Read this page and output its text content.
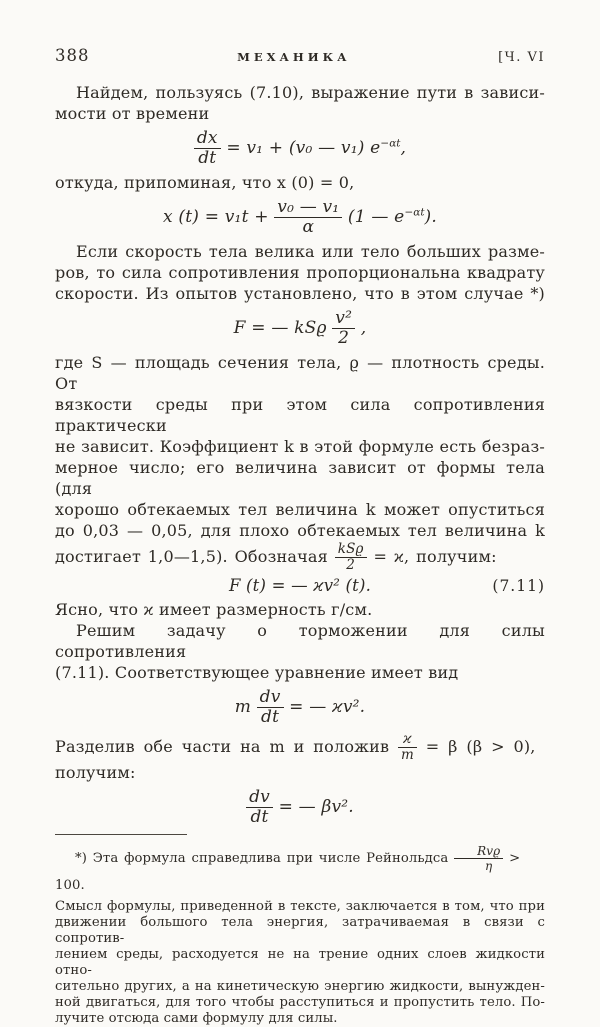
388	МЕХАНИКА	[Ч. VI
Найдем, пользуясь (7.10), выражение пути в зависи-
мости от времени
$\frac{dx}{dt} = v_1 + (v_0$ — v₁) $e^{-\alpha t}$,
откуда, припоминая, что x (0) = 0,
x $(t) = v_1t + \frac{\text{v₀ — v₁}}{\alpha} (1$ — $e^{-\alpha t}$).
Если скорость тела велика или тело больших разме-
ров, то сила сопротивления пропорциональна квадрату
скорости. Из опытов установлено, что в этом случае *)
F = — kSϱ $\frac{\text{v²}}{2}$ ,
где S — площадь сечения тела, ϱ — плотность среды. От
вязкости среды при этом сила сопротивления практически
не зависит. Коэффициент k в этой формуле есть безраз-
мерное число; его величина зависит от формы тела (для
хорошо обтекаемых тел величина k может опуститься
до 0,03 — 0,05, для плохо обтекаемых тел величина k
достигает 1,0—1,5). Обозначая $\frac{\text{kSϱ}}{2} = ϰ$, получим:
F (t) = — ϰv² (t).	(7.11)
Ясно, что ϰ имеет размерность г/см.
Решим задачу о торможении для силы сопротивления
(7.11). Соответствующее уравнение имеет вид
m $\frac{dv}{dt}$ = — ϰv².
Разделив обе части на m и положив $\frac{ϰ}{m} = \beta$ (β > 0),
получим:
$\frac{dv}{dt}$ = — βv².
*) Эта формула справедлива при числе Рейнольдса $\frac{\text{Rvϱ}}{\eta} > 100$.
Смысл формулы, приведенной в тексте, заключается в том, что при
движении большого тела энергия, затрачиваемая в связи с сопротив-
лением среды, расходуется не на трение одних слоев жидкости отно-
сительно других, а на кинетическую энергию жидкости, вынужден-
ной двигаться, для того чтобы расступиться и пропустить тело. По-
лучите отсюда сами формулу для силы.
